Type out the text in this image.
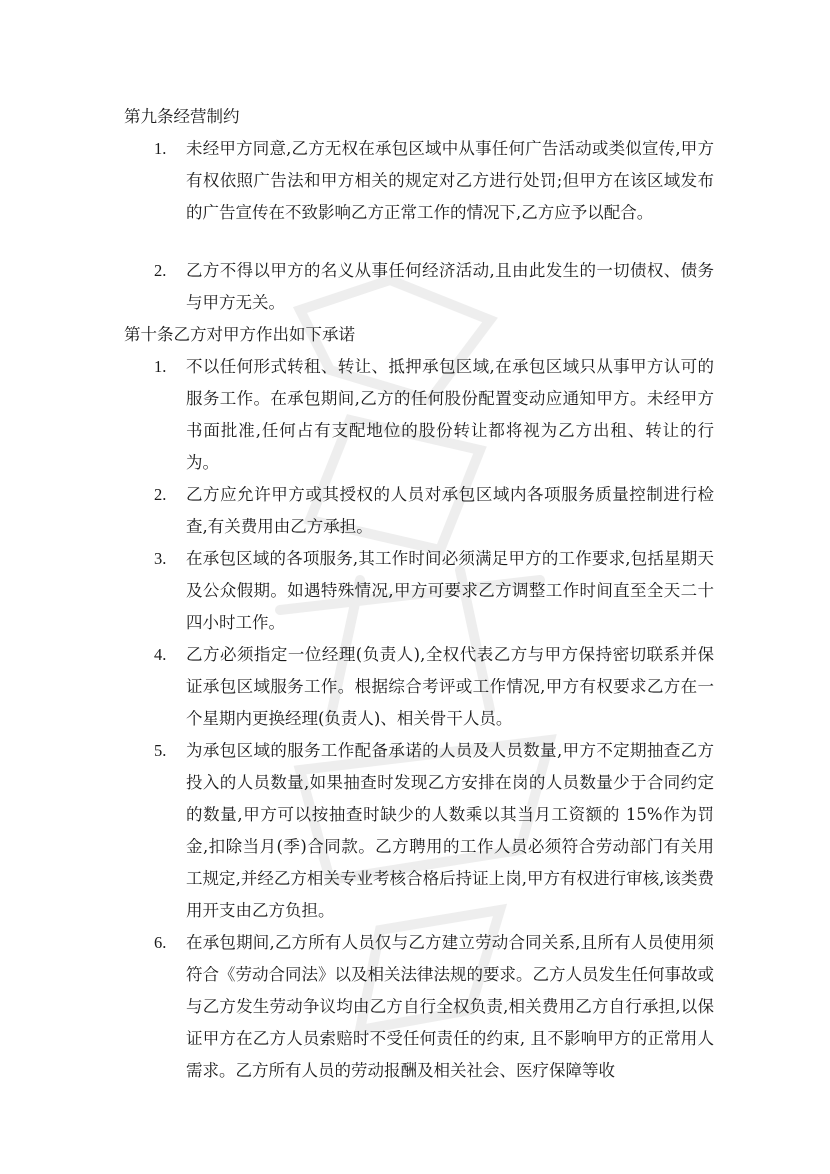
第九条经营制约

1. 未经甲方同意,乙方无权在承包区域中从事任何广告活动或类似宣传,甲方有权依照广告法和甲方相关的规定对乙方进行处罚;但甲方在该区域发布的广告宣传在不致影响乙方正常工作的情况下,乙方应予以配合。
2. 乙方不得以甲方的名义从事任何经济活动,且由此发生的一切债权、债务与甲方无关。

第十条乙方对甲方作出如下承诺

1. 不以任何形式转租、转让、抵押承包区域,在承包区域只从事甲方认可的服务工作。在承包期间,乙方的任何股份配置变动应通知甲方。未经甲方书面批准,任何占有支配地位的股份转让都将视为乙方出租、转让的行为。
2. 乙方应允许甲方或其授权的人员对承包区域内各项服务质量控制进行检查,有关费用由乙方承担。
3. 在承包区域的各项服务,其工作时间必须满足甲方的工作要求,包括星期天及公众假期。如遇特殊情况,甲方可要求乙方调整工作时间直至全天二十四小时工作。
4. 乙方必须指定一位经理(负责人),全权代表乙方与甲方保持密切联系并保证承包区域服务工作。根据综合考评或工作情况,甲方有权要求乙方在一个星期内更换经理(负责人)、相关骨干人员。
5. 为承包区域的服务工作配备承诺的人员及人员数量,甲方不定期抽查乙方投入的人员数量,如果抽查时发现乙方安排在岗的人员数量少于合同约定的数量,甲方可以按抽查时缺少的人数乘以其当月工资额的 15%作为罚金,扣除当月(季)合同款。乙方聘用的工作人员必须符合劳动部门有关用工规定,并经乙方相关专业考核合格后持证上岗,甲方有权进行审核,该类费用开支由乙方负担。
6. 在承包期间,乙方所有人员仅与乙方建立劳动合同关系,且所有人员使用须符合《劳动合同法》以及相关法律法规的要求。乙方人员发生任何事故或与乙方发生劳动争议均由乙方自行全权负责,相关费用乙方自行承担,以保证甲方在乙方人员索赔时不受任何责任的约束, 且不影响甲方的正常用人需求。乙方所有人员的劳动报酬及相关社会、医疗保障等收
